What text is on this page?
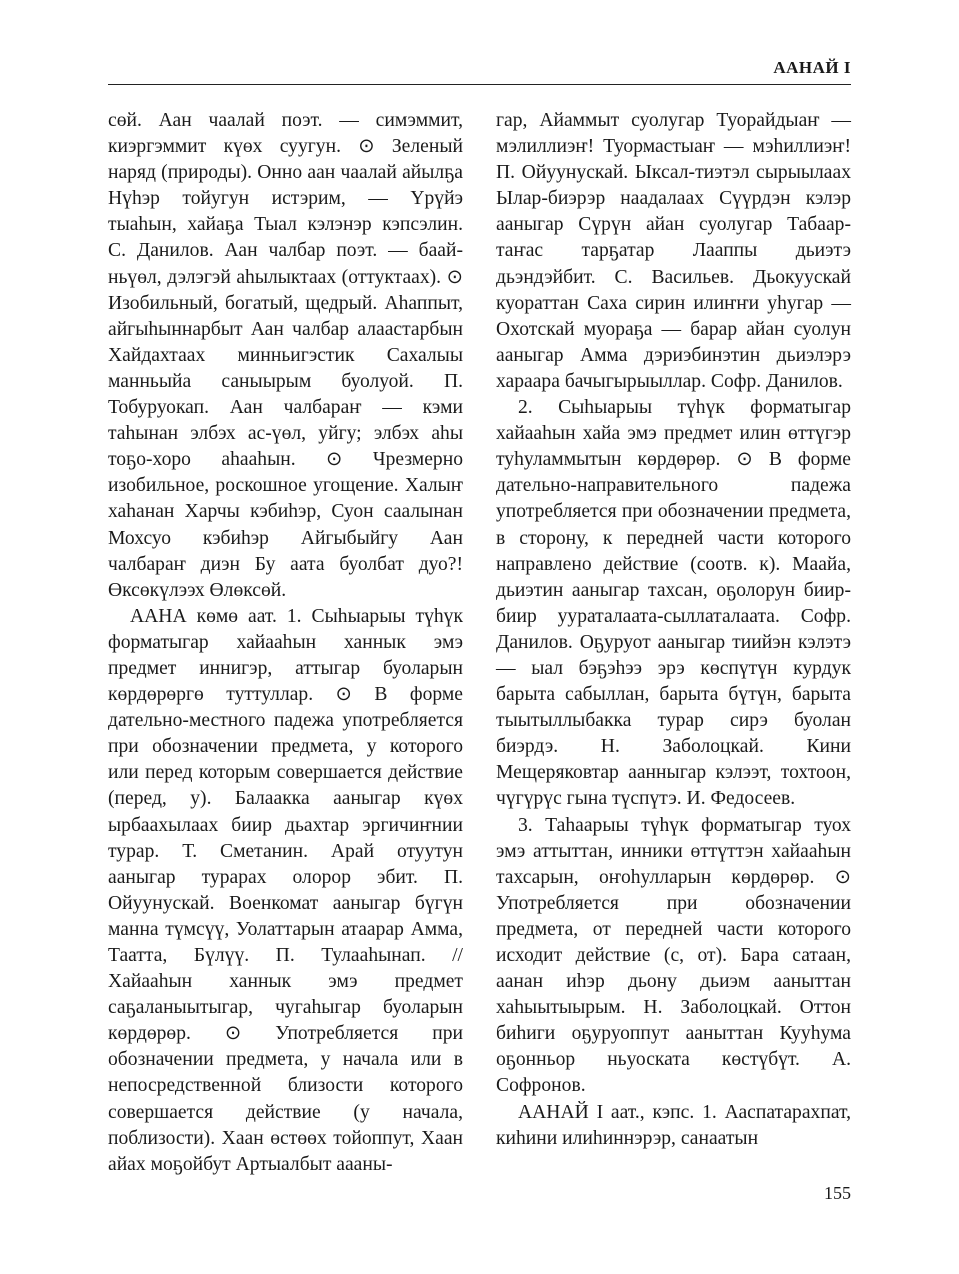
ААНАЙ I

сөй. Аан чаалай поэт. — симэммит, киэргэммит күөх суугун. ⊙ Зеленый наряд (природы). Онно аан чаалай айылҕа Нүһэр тойугун истэрим, — Үрүйэ тыаһын, хайаҕа Тыал кэлэнэр кэпсэлин. С. Данилов. Аан чалбар поэт. — баай-ньүөл, дэлэгэй аһылыктаах (оттуктаах). ⊙ Изобильный, богатый, щедрый. Аһаппыт, айгыһыннарбыт Аан чалбар алаастарбын Хайдахтаах минньигэстик Сахалыы манньыйа саныырым буолуой. П. Тобуруокап. Аан чалбараҥ — кэми таһынан элбэх ас-үөл, уйгу; элбэх аһы тоҕо-хоро аһааһын. ⊙ Чрезмерно изобильное, роскошное угощение. Халыҥ хаһанан Харчы кэбиһэр, Суон саалынан Мохсуо кэбиһэр Айгыбыйгу Аан чалбараҥ диэн Бу аата буолбат дуо?! Өксөкүлээх Өлөксөй.

ААНА көмө аат. 1. Сыһыарыы түһүк форматыгар хайааһын ханнык эмэ предмет иннигэр, аттыгар буоларын көрдөрөргө туттуллар. ⊙ В форме дательно-местного падежа употребляется при обозначении предмета, у которого или перед которым совершается действие (перед, у). Балаакка ааныгар күөх ырбаахылаах биир дьахтар эргичиҥнии турар. Т. Сметанин. Арай отуутун ааныгар турарах олорор эбит. П. Ойуунускай. Военкомат ааныгар бүгүн манна түмсүү, Уолаттарын атаарар Амма, Таатта, Бүлүү. П. Тулааһынап. // Хайааһын ханнык эмэ предмет саҕаланыытыгар, чугаһыгар буоларын көрдөрөр. ⊙ Употребляется при обозначении предмета, у начала или в непосредственной близости которого совершается действие (у начала, поблизости). Хаан өстөөх тойоппут, Хаан айах моҕойбут Артыалбыт аааны-

гар, Айаммыт суолугар Туорайдыаҥ — мэлиллиэҥ! Туормастыаҥ — мэһиллиэҥ! П. Ойуунускай. Ыксал-тиэтэл сырыылаах Ылар-биэрэр наадалаах Сүүрдэн кэлэр ааныгар Сүрүн айан суолугар Табаар-таҥас тарҕатар Лааппы дьиэтэ дьэндэйбит. С. Васильев. Дьокуускай куораттан Саха сирин илиҥҥи уһугар — Охотскай муораҕа — барар айан суолун ааныгар Амма дэриэбинэтин дьиэлэрэ хараара бачыгырыыллар. Софр. Данилов.

2. Сыһыарыы түһүк форматыгар хайааһын хайа эмэ предмет илин өттүгэр туһуламмытын көрдөрөр. ⊙ В форме дательно-направительного падежа употребляется при обозначении предмета, в сторону, к передней части которого направлено действие (соотв. к). Маайа, дьиэтин ааныгар тахсан, оҕолорун биир-биир уураталаата-сыллаталаата. Софр. Данилов. Оҕуруот ааныгар тиийэн кэлэтэ — ыал бэҕэһээ эрэ көспүтүн курдук барыта сабыллан, барыта бүтүн, барыта тыытыллыбакка турар сирэ буолан биэрдэ. Н. Заболоцкай. Кини Мещеряковтар аанныгар кэлээт, тохтоон, чүгүрүс гына түспүтэ. И. Федосеев.

3. Таһаарыы түһүк форматыгар туох эмэ аттыттан, инники өттүттэн хайааһын тахсарын, оҥоһулларын көрдөрөр. ⊙ Употребляется при обозначении предмета, от передней части которого исходит действие (с, от). Бара сатаан, аанан иһэр дьону дьиэм ааныттан хаһыытыырым. Н. Заболоцкай. Оттон биһиги оҕуруоппут ааныттан Кууһума оҕонньор ньуоската көстүбүт. А. Софронов.

ААНАЙ I аат., кэпс. 1. Ааспатарахпат, киһини илиһиннэрэр, санаатын

155
